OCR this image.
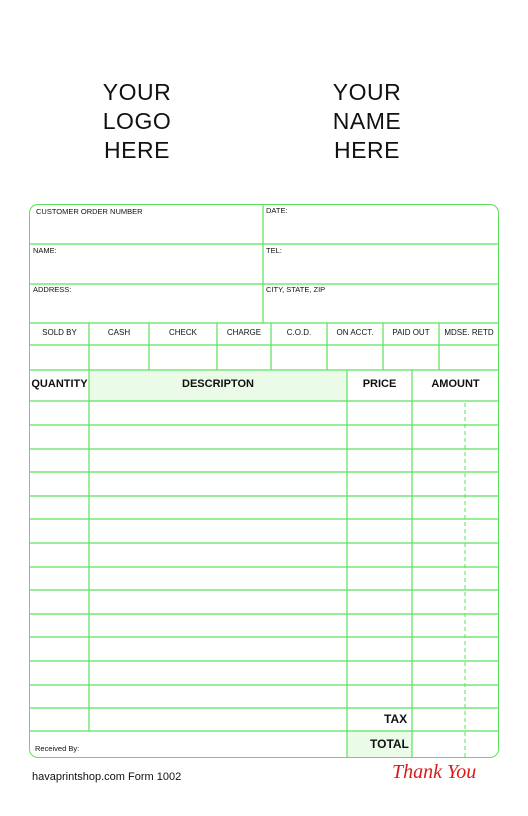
YOUR
LOGO
HERE
YOUR
NAME
HERE
CUSTOMER ORDER NUMBER	DATE:
NAME:	TEL:
ADDRESS:	CITY, STATE, ZIP
SOLD BY	CASH	CHECK	CHARGE	C.O.D.	ON ACCT.	PAID OUT	MDSE. RETD
QUANTITY	DESCRIPTON	PRICE	AMOUNT
TAX
TOTAL
Received By:
havaprintshop.com Form 1002	Thank You
